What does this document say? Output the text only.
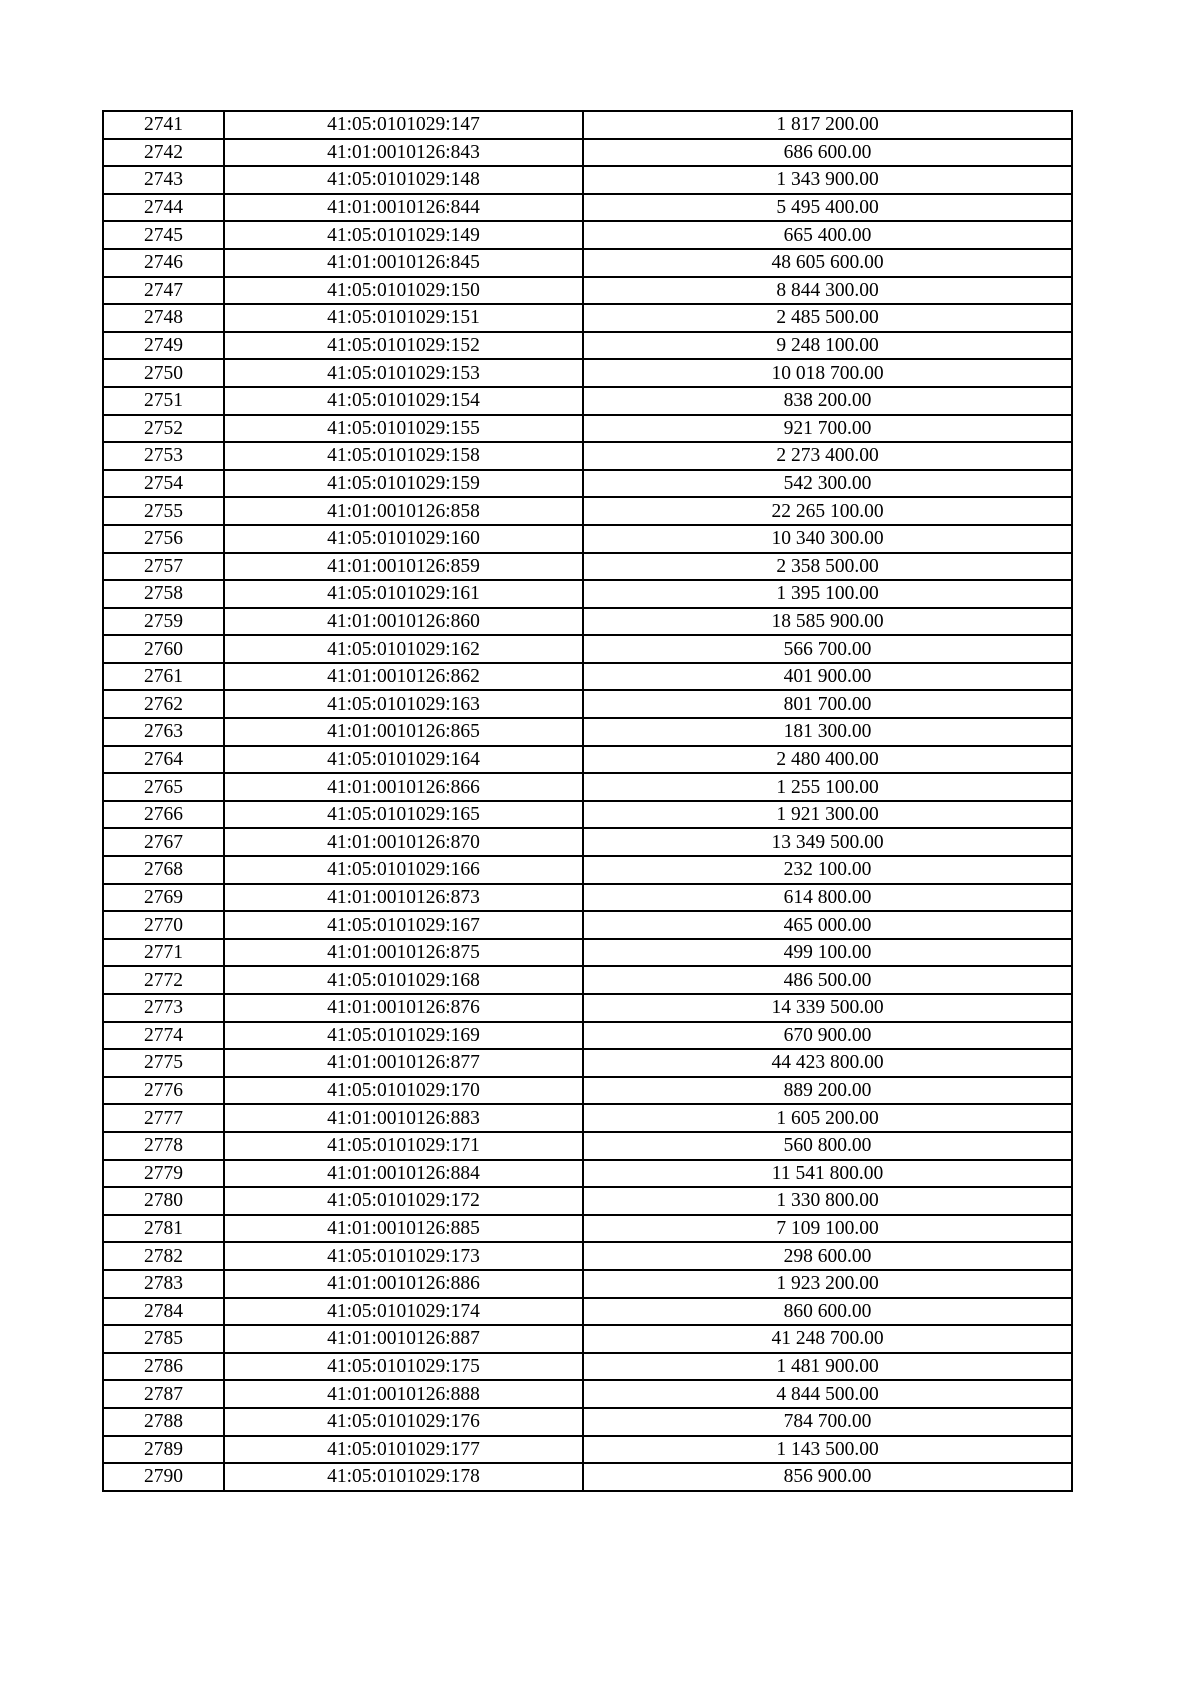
2741	41:05:0101029:147	1 817 200.00
2742	41:01:0010126:843	686 600.00
2743	41:05:0101029:148	1 343 900.00
2744	41:01:0010126:844	5 495 400.00
2745	41:05:0101029:149	665 400.00
2746	41:01:0010126:845	48 605 600.00
2747	41:05:0101029:150	8 844 300.00
2748	41:05:0101029:151	2 485 500.00
2749	41:05:0101029:152	9 248 100.00
2750	41:05:0101029:153	10 018 700.00
2751	41:05:0101029:154	838 200.00
2752	41:05:0101029:155	921 700.00
2753	41:05:0101029:158	2 273 400.00
2754	41:05:0101029:159	542 300.00
2755	41:01:0010126:858	22 265 100.00
2756	41:05:0101029:160	10 340 300.00
2757	41:01:0010126:859	2 358 500.00
2758	41:05:0101029:161	1 395 100.00
2759	41:01:0010126:860	18 585 900.00
2760	41:05:0101029:162	566 700.00
2761	41:01:0010126:862	401 900.00
2762	41:05:0101029:163	801 700.00
2763	41:01:0010126:865	181 300.00
2764	41:05:0101029:164	2 480 400.00
2765	41:01:0010126:866	1 255 100.00
2766	41:05:0101029:165	1 921 300.00
2767	41:01:0010126:870	13 349 500.00
2768	41:05:0101029:166	232 100.00
2769	41:01:0010126:873	614 800.00
2770	41:05:0101029:167	465 000.00
2771	41:01:0010126:875	499 100.00
2772	41:05:0101029:168	486 500.00
2773	41:01:0010126:876	14 339 500.00
2774	41:05:0101029:169	670 900.00
2775	41:01:0010126:877	44 423 800.00
2776	41:05:0101029:170	889 200.00
2777	41:01:0010126:883	1 605 200.00
2778	41:05:0101029:171	560 800.00
2779	41:01:0010126:884	11 541 800.00
2780	41:05:0101029:172	1 330 800.00
2781	41:01:0010126:885	7 109 100.00
2782	41:05:0101029:173	298 600.00
2783	41:01:0010126:886	1 923 200.00
2784	41:05:0101029:174	860 600.00
2785	41:01:0010126:887	41 248 700.00
2786	41:05:0101029:175	1 481 900.00
2787	41:01:0010126:888	4 844 500.00
2788	41:05:0101029:176	784 700.00
2789	41:05:0101029:177	1 143 500.00
2790	41:05:0101029:178	856 900.00
